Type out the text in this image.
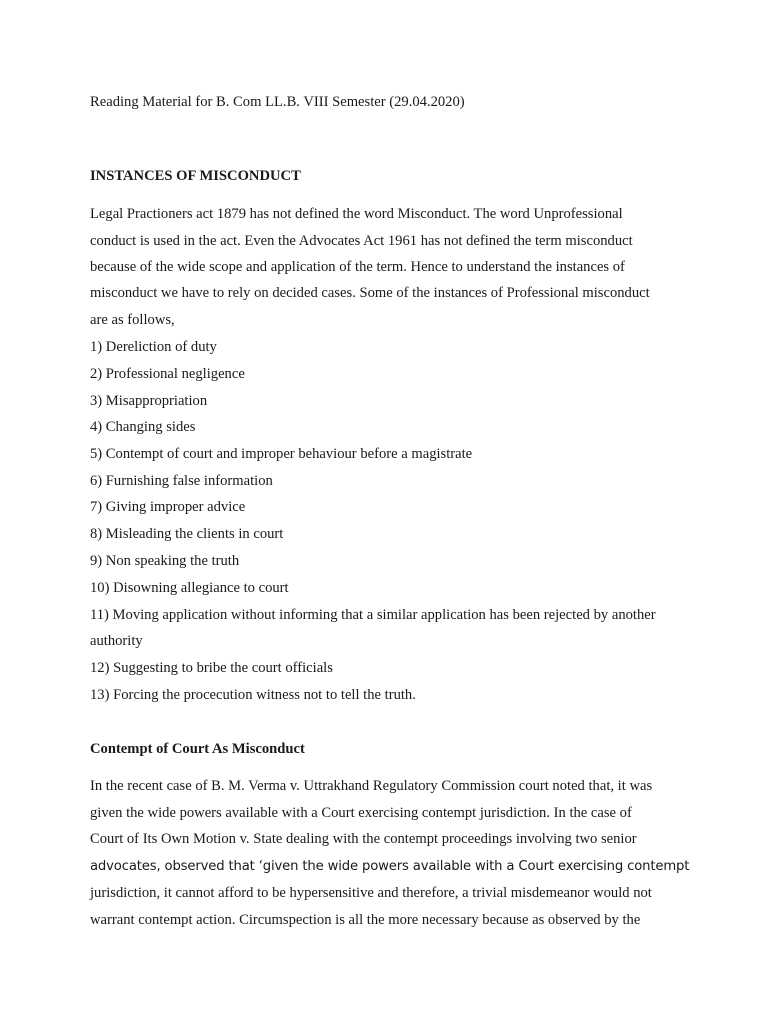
Reading Material for B. Com LL.B. VIII Semester (29.04.2020)

INSTANCES OF MISCONDUCT

Legal Practioners act 1879 has not defined the word Misconduct. The word Unprofessional

conduct is used in the act. Even the Advocates Act 1961 has not defined the term misconduct

because of the wide scope and application of the term. Hence to understand the instances of

misconduct we have to rely on decided cases. Some of the instances of Professional misconduct

are as follows,

1) Dereliction of duty

2) Professional negligence

3) Misappropriation

4) Changing sides

5) Contempt of court and improper behaviour before a magistrate

6) Furnishing false information

7) Giving improper advice

8) Misleading the clients in court

9) Non speaking the truth

10) Disowning allegiance to court

11) Moving application without informing that a similar application has been rejected by another

authority

12) Suggesting to bribe the court officials

13) Forcing the procecution witness not to tell the truth.

Contempt of Court As Misconduct

In the recent case of B. M. Verma v. Uttrakhand Regulatory Commission court noted that, it was

given the wide powers available with a Court exercising contempt jurisdiction. In the case of

Court of Its Own Motion v. State dealing with the contempt proceedings involving two senior

advocates, observed that ‘given the wide powers available with a Court exercising contempt

jurisdiction, it cannot afford to be hypersensitive and therefore, a trivial misdemeanor would not

warrant contempt action. Circumspection is all the more necessary because as observed by the
